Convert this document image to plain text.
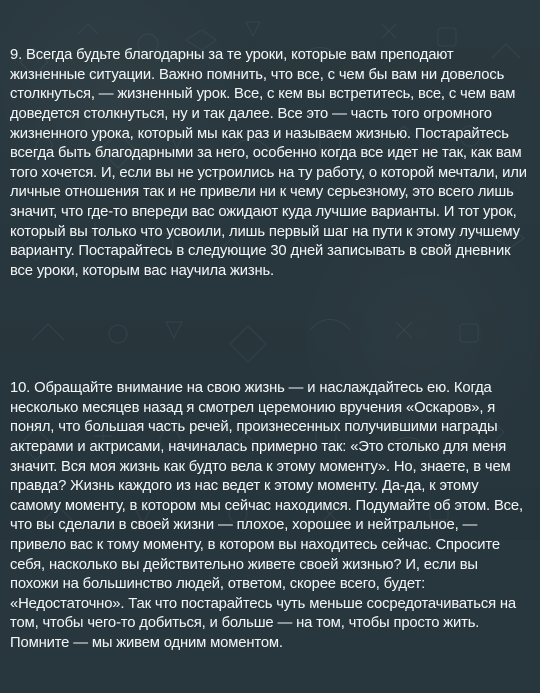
9. Всегда будьте благодарны за те уроки, которые вам преподают жизненные ситуации. Важно помнить, что все, с чем бы вам ни довелось столкнуться, — жизненный урок. Все, с кем вы встретитесь, все, с чем вам доведется столкнуться, ну и так далее. Все это — часть того огромного жизненного урока, который мы как раз и называем жизнью. Постарайтесь всегда быть благодарными за него, особенно когда все идет не так, как вам того хочется. И, если вы не устроились на ту работу, о которой мечтали, или личные отношения так и не привели ни к чему серьезному, это всего лишь значит, что где-то впереди вас ожидают куда лучшие варианты. И тот урок, который вы только что усвоили, лишь первый шаг на пути к этому лучшему варианту. Постарайтесь в следующие 30 дней записывать в свой дневник все уроки, которым вас научила жизнь.

10. Обращайте внимание на свою жизнь — и наслаждайтесь ею. Когда несколько месяцев назад я смотрел церемонию вручения «Оскаров», я понял, что большая часть речей, произнесенных получившими награды актерами и актрисами, начиналась примерно так: «Это столько для меня значит. Вся моя жизнь как будто вела к этому моменту». Но, знаете, в чем правда? Жизнь каждого из нас ведет к этому моменту. Да-да, к этому самому моменту, в котором мы сейчас находимся. Подумайте об этом. Все, что вы сделали в своей жизни — плохое, хорошее и нейтральное, — привело вас к тому моменту, в котором вы находитесь сейчас. Спросите себя, насколько вы действительно живете своей жизнью? И, если вы похожи на большинство людей, ответом, скорее всего, будет: «Недостаточно». Так что постарайтесь чуть меньше сосредотачиваться на том, чтобы чего-то добиться, и больше — на том, чтобы просто жить. Помните — мы живем одним моментом.
